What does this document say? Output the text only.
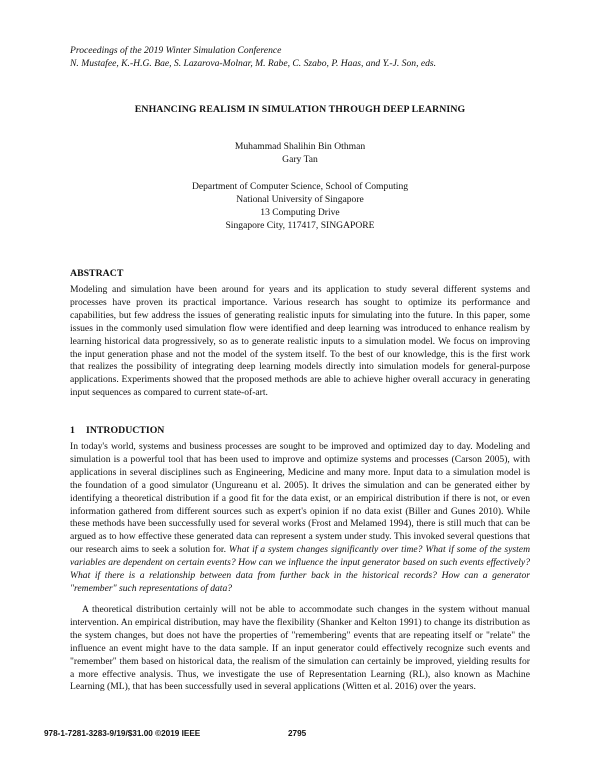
Proceedings of the 2019 Winter Simulation Conference
N. Mustafee, K.-H.G. Bae, S. Lazarova-Molnar, M. Rabe, C. Szabo, P. Haas, and Y.-J. Son, eds.
ENHANCING REALISM IN SIMULATION THROUGH DEEP LEARNING
Muhammad Shalihin Bin Othman
Gary Tan
Department of Computer Science, School of Computing
National University of Singapore
13 Computing Drive
Singapore City, 117417, SINGAPORE
ABSTRACT
Modeling and simulation have been around for years and its application to study several different systems and processes have proven its practical importance. Various research has sought to optimize its performance and capabilities, but few address the issues of generating realistic inputs for simulating into the future. In this paper, some issues in the commonly used simulation flow were identified and deep learning was introduced to enhance realism by learning historical data progressively, so as to generate realistic inputs to a simulation model. We focus on improving the input generation phase and not the model of the system itself. To the best of our knowledge, this is the first work that realizes the possibility of integrating deep learning models directly into simulation models for general-purpose applications. Experiments showed that the proposed methods are able to achieve higher overall accuracy in generating input sequences as compared to current state-of-art.
1 INTRODUCTION
In today's world, systems and business processes are sought to be improved and optimized day to day. Modeling and simulation is a powerful tool that has been used to improve and optimize systems and processes (Carson 2005), with applications in several disciplines such as Engineering, Medicine and many more. Input data to a simulation model is the foundation of a good simulator (Ungureanu et al. 2005). It drives the simulation and can be generated either by identifying a theoretical distribution if a good fit for the data exist, or an empirical distribution if there is not, or even information gathered from different sources such as expert's opinion if no data exist (Biller and Gunes 2010). While these methods have been successfully used for several works (Frost and Melamed 1994), there is still much that can be argued as to how effective these generated data can represent a system under study. This invoked several questions that our research aims to seek a solution for. What if a system changes significantly over time? What if some of the system variables are dependent on certain events? How can we influence the input generator based on such events effectively? What if there is a relationship between data from further back in the historical records? How can a generator "remember" such representations of data?
A theoretical distribution certainly will not be able to accommodate such changes in the system without manual intervention. An empirical distribution, may have the flexibility (Shanker and Kelton 1991) to change its distribution as the system changes, but does not have the properties of "remembering" events that are repeating itself or "relate" the influence an event might have to the data sample. If an input generator could effectively recognize such events and "remember" them based on historical data, the realism of the simulation can certainly be improved, yielding results for a more effective analysis. Thus, we investigate the use of Representation Learning (RL), also known as Machine Learning (ML), that has been successfully used in several applications (Witten et al. 2016) over the years.
978-1-7281-3283-9/19/$31.00 ©2019 IEEE	2795
